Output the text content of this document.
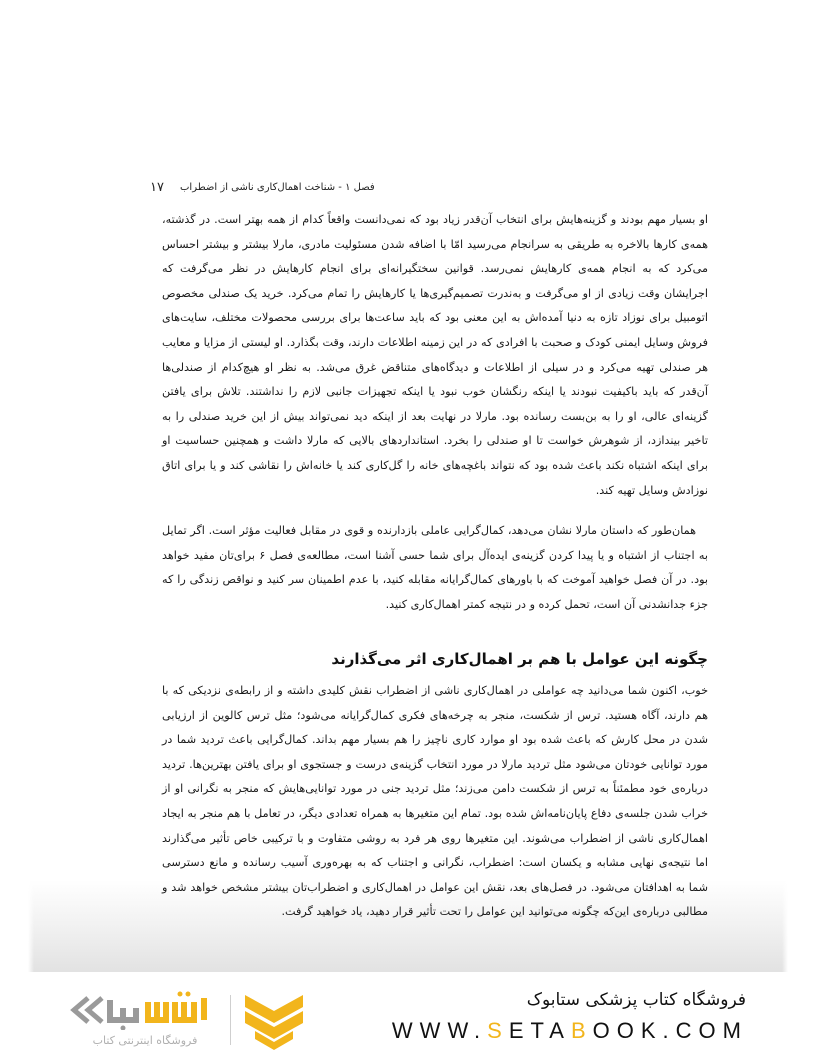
۱۷ فصل ۱ - شناخت اهمال‌کاری ناشی از اضطراب

او بسیار مهم بودند و گزینه‌هایش برای انتخاب آن‌قدر زیاد بود که نمی‌دانست واقعاً کدام از همه بهتر است. در گذشته، همه‌ی کارها بالاخره به طریقی به سرانجام می‌رسید امّا با اضافه شدن مسئولیت مادری، مارلا بیشتر و بیشتر احساس می‌کرد که به انجام همه‌ی کارهایش نمی‌رسد. قوانین سختگیرانه‌ای برای انجام کارهایش در نظر می‌گرفت که اجرایشان وقت زیادی از او می‌گرفت و به‌ندرت تصمیم‌گیری‌ها یا کارهایش را تمام می‌کرد. خرید یک صندلی مخصوص اتومبیل برای نوزاد تازه به دنیا آمده‌اش به این معنی بود که باید ساعت‌ها برای بررسی محصولات مختلف، سایت‌های فروش وسایل ایمنی کودک و صحبت با افرادی که در این زمینه اطلاعات دارند، وقت بگذارد. او لیستی از مزایا و معایب هر صندلی تهیه می‌کرد و در سیلی از اطلاعات و دیدگاه‌های متناقض غرق می‌شد. به نظر او هیچ‌کدام از صندلی‌ها آن‌قدر که باید باکیفیت نبودند یا اینکه رنگشان خوب نبود یا اینکه تجهیزات جانبی لازم را نداشتند. تلاش برای یافتن گزینه‌ای عالی، او را به بن‌بست رسانده بود. مارلا در نهایت بعد از اینکه دید نمی‌تواند بیش از این خرید صندلی را به تاخیر بیندازد، از شوهرش خواست تا او صندلی را بخرد. استانداردهای بالایی که مارلا داشت و همچنین حساسیت او برای اینکه اشتباه نکند باعث شده بود که نتواند باغچه‌های خانه را گل‌کاری کند یا خانه‌اش را نقاشی کند و یا برای اتاق نوزادش وسایل تهیه کند.

همان‌طور که داستان مارلا نشان می‌دهد، کمال‌گرایی عاملی بازدارنده و قوی در مقابل فعالیت مؤثر است. اگر تمایل به اجتناب از اشتباه و یا پیدا کردن گزینه‌ی ایده‌آل برای شما حسی آشنا است، مطالعه‌ی فصل ۶ برای‌تان مفید خواهد بود. در آن فصل خواهید آموخت که با باورهای کمال‌گرایانه مقابله کنید، با عدم اطمینان سر کنید و نواقص زندگی را که جزء جدانشدنی آن است، تحمل کرده و در نتیجه کمتر اهمال‌کاری کنید.

چگونه این عوامل با هم بر اهمال‌کاری اثر می‌گذارند

خوب، اکنون شما می‌دانید چه عواملی در اهمال‌کاری ناشی از اضطراب نقش کلیدی داشته و از رابطه‌ی نزدیکی که با هم دارند، آگاه هستید. ترس از شکست، منجر به چرخه‌های فکری کمال‌گرایانه می‌شود؛ مثل ترس کالوین از ارزیابی شدن در محل کارش که باعث شده بود او موارد کاری ناچیز را هم بسیار مهم بداند. کمال‌گرایی باعث تردید شما در مورد توانایی خودتان می‌شود مثل تردید مارلا در مورد انتخاب گزینه‌ی درست و جستجوی او برای یافتن بهترین‌ها. تردید درباره‌ی خود مطمئناً به ترس از شکست دامن می‌زند؛ مثل تردید جنی در مورد توانایی‌هایش که منجر به نگرانی او از خراب شدن جلسه‌ی دفاع پایان‌نامه‌اش شده بود. تمام این متغیرها به همراه تعدادی دیگر، در تعامل با هم منجر به ایجاد اهمال‌کاری ناشی از اضطراب می‌شوند. این متغیرها روی هر فرد به روشی متفاوت و با ترکیبی خاص تأثیر می‌گذارند اما نتیجه‌ی نهایی مشابه و یکسان است: اضطراب، نگرانی و اجتناب که به بهره‌وری آسیب رسانده و مانع دسترسی شما به اهدافتان می‌شود. در فصل‌های بعد، نقش این عوامل در اهمال‌کاری و اضطراب‌تان بیشتر مشخص خواهد شد و مطالبی درباره‌ی این‌که چگونه می‌توانید این عوامل را تحت تأثیر قرار دهید، یاد خواهید گرفت.

فروشگاه کتاب پزشکی ستابوک
WWW.SETABOOK.COM
فروشگاه اینترنتی کتاب
